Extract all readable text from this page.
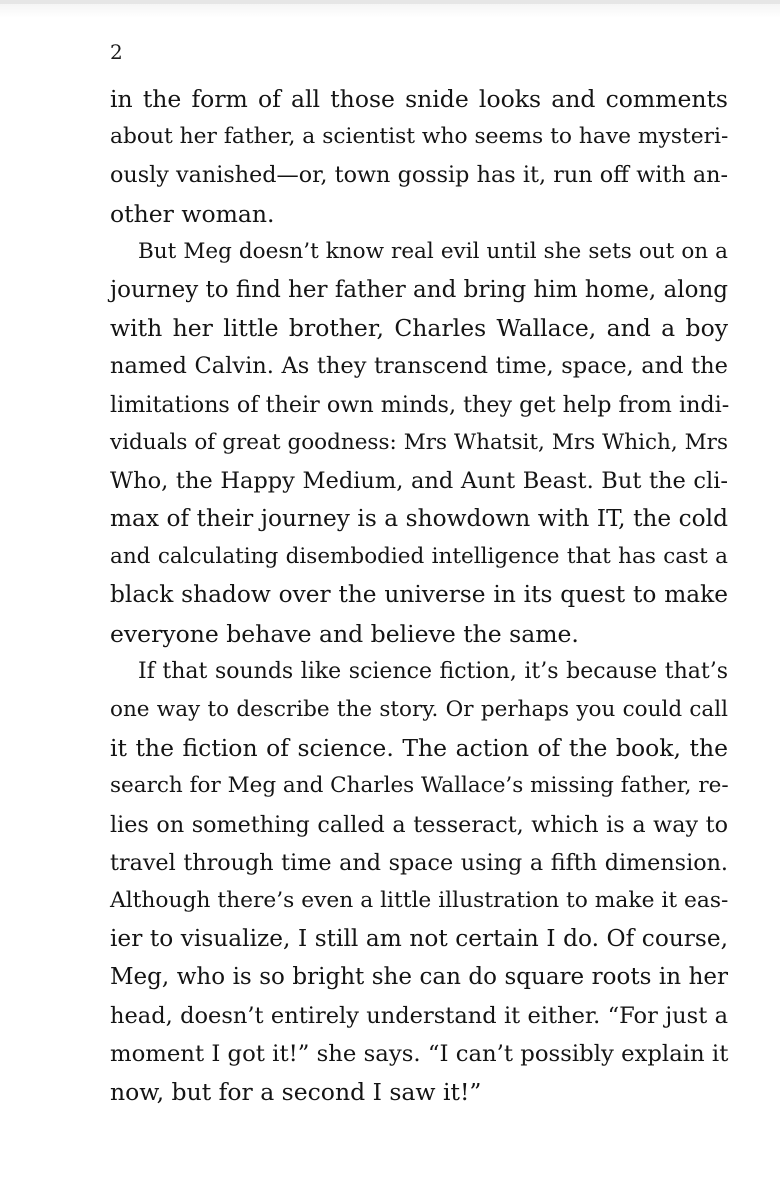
2
in the form of all those snide looks and comments
about her father, a scientist who seems to have mysteri-
ously vanished—or, town gossip has it, run off with an-
other woman.
But Meg doesn’t know real evil until she sets out on a
journey to find her father and bring him home, along
with her little brother, Charles Wallace, and a boy
named Calvin. As they transcend time, space, and the
limitations of their own minds, they get help from indi-
viduals of great goodness: Mrs Whatsit, Mrs Which, Mrs
Who, the Happy Medium, and Aunt Beast. But the cli-
max of their journey is a showdown with IT, the cold
and calculating disembodied intelligence that has cast a
black shadow over the universe in its quest to make
everyone behave and believe the same.
If that sounds like science fiction, it’s because that’s
one way to describe the story. Or perhaps you could call
it the fiction of science. The action of the book, the
search for Meg and Charles Wallace’s missing father, re-
lies on something called a tesseract, which is a way to
travel through time and space using a fifth dimension.
Although there’s even a little illustration to make it eas-
ier to visualize, I still am not certain I do. Of course,
Meg, who is so bright she can do square roots in her
head, doesn’t entirely understand it either. “For just a
moment I got it!” she says. “I can’t possibly explain it
now, but for a second I saw it!”
